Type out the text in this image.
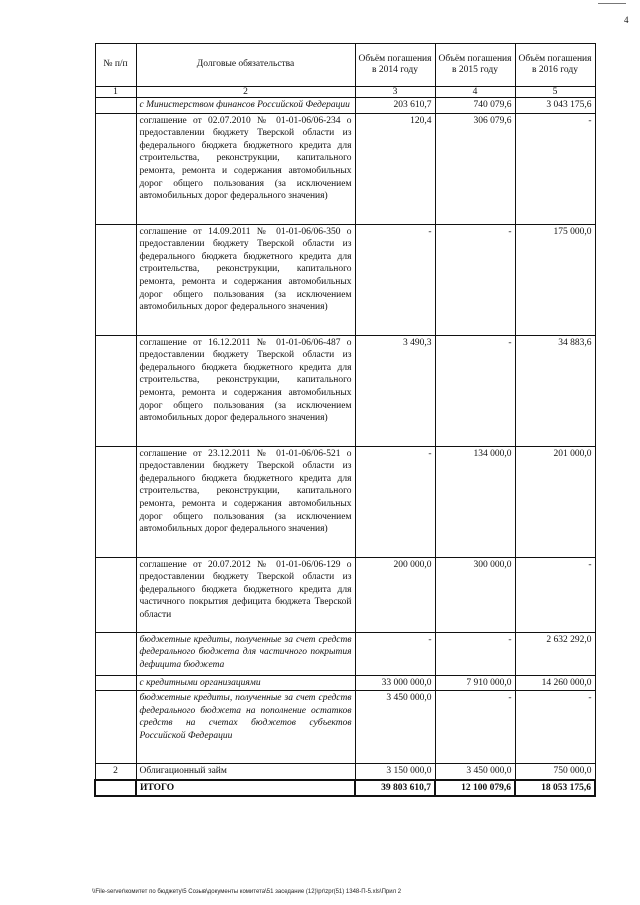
4
№ п/п	Долговые обязательства	Объём погашения в 2014 году	Объём погашения в 2015 году	Объём погашения в 2016 году
1	2	3	4	5
	с Министерством финансов Российской Федерации	203 610,7	740 079,6	3 043 175,6
	соглашение от 02.07.2010 № 01-01-06/06-234 о предоставлении бюджету Тверской области из федерального бюджета бюджетного кредита для строительства, реконструкции, капитального ремонта, ремонта и содержания автомобильных дорог общего пользования (за исключением автомобильных дорог федерального значения)	120,4	306 079,6	-
	соглашение от 14.09.2011 № 01-01-06/06-350 о предоставлении бюджету Тверской области из федерального бюджета бюджетного кредита для строительства, реконструкции, капитального ремонта, ремонта и содержания автомобильных дорог общего пользования (за исключением автомобильных дорог федерального значения)	-	-	175 000,0
	соглашение от 16.12.2011 № 01-01-06/06-487 о предоставлении бюджету Тверской области из федерального бюджета бюджетного кредита для строительства, реконструкции, капитального ремонта, ремонта и содержания автомобильных дорог общего пользования (за исключением автомобильных дорог федерального значения)	3 490,3	-	34 883,6
	соглашение от 23.12.2011 № 01-01-06/06-521 о предоставлении бюджету Тверской области из федерального бюджета бюджетного кредита для строительства, реконструкции, капитального ремонта, ремонта и содержания автомобильных дорог общего пользования (за исключением автомобильных дорог федерального значения)	-	134 000,0	201 000,0
	соглашение от 20.07.2012 № 01-01-06/06-129 о предоставлении бюджету Тверской области из федерального бюджета бюджетного кредита для частичного покрытия дефицита бюджета Тверской области	200 000,0	300 000,0	-
	бюджетные кредиты, полученные за счет средств федерального бюджета для частичного покрытия дефицита бюджета	-	-	2 632 292,0
	с кредитными организациями	33 000 000,0	7 910 000,0	14 260 000,0
	бюджетные кредиты, полученные за счет средств федерального бюджета на пополнение остатков средств на счетах бюджетов субъектов Российской Федерации	3 450 000,0	-	-
2	Облигационный займ	3 150 000,0	3 450 000,0	750 000,0
	ИТОГО	39 803 610,7	12 100 079,6	18 053 175,6
\\File-server\комитет по бюджету\5 Созыв\документы комитета\51 заседание (12)\pr\zpr(51) 1348-П-5.xls\Прил 2
